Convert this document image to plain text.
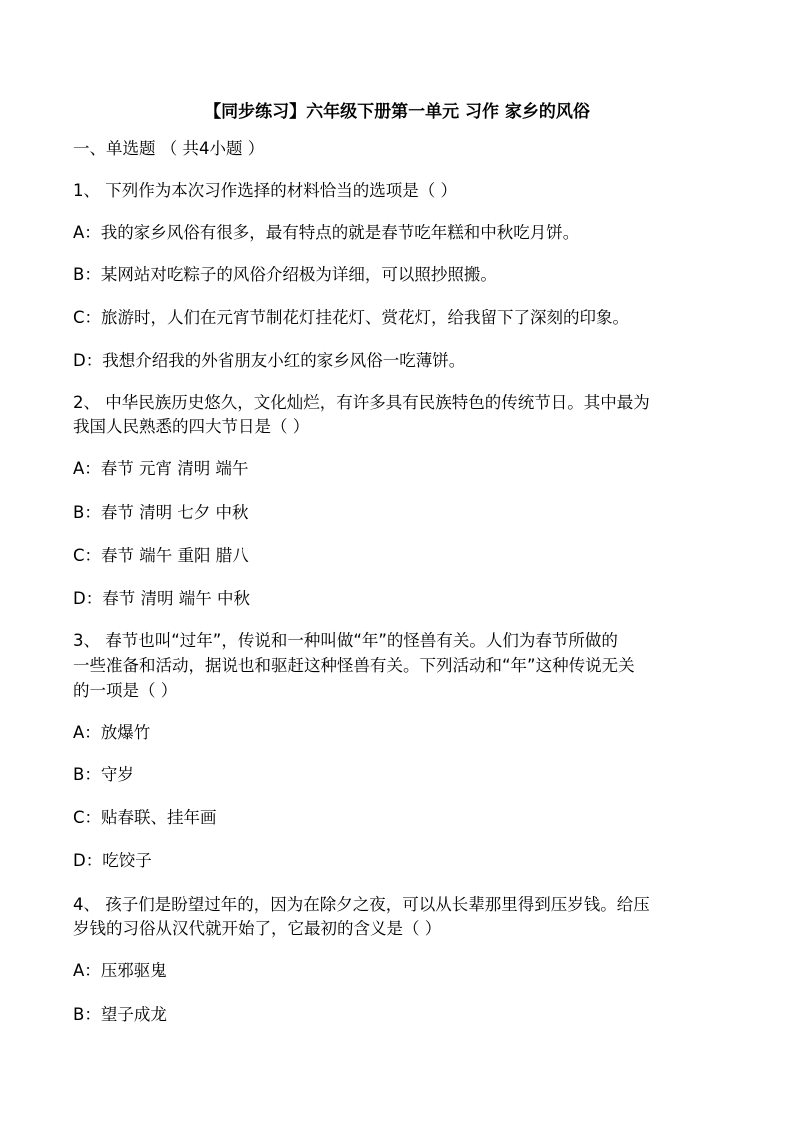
【同步练习】六年级下册第一单元 习作 家乡的风俗
一、单选题 （ 共4小题 ）
1、 下列作为本次习作选择的材料恰当的选项是（ ）
A：我的家乡风俗有很多，最有特点的就是春节吃年糕和中秋吃月饼。
B：某网站对吃粽子的风俗介绍极为详细，可以照抄照搬。
C：旅游时，人们在元宵节制花灯挂花灯、赏花灯，给我留下了深刻的印象。
D：我想介绍我的外省朋友小红的家乡风俗一吃薄饼。
2、 中华民族历史悠久，文化灿烂，有许多具有民族特色的传统节日。其中最为
我国人民熟悉的四大节日是（ ）
A：春节 元宵 清明 端午
B：春节 清明 七夕 中秋
C：春节 端午 重阳 腊八
D：春节 清明 端午 中秋
3、 春节也叫“过年”，传说和一种叫做“年”的怪兽有关。人们为春节所做的
一些准备和活动，据说也和驱赶这种怪兽有关。下列活动和“年”这种传说无关
的一项是（ ）
A：放爆竹
B：守岁
C：贴春联、挂年画
D：吃饺子
4、 孩子们是盼望过年的，因为在除夕之夜，可以从长辈那里得到压岁钱。给压
岁钱的习俗从汉代就开始了，它最初的含义是（ ）
A：压邪驱鬼
B：望子成龙
